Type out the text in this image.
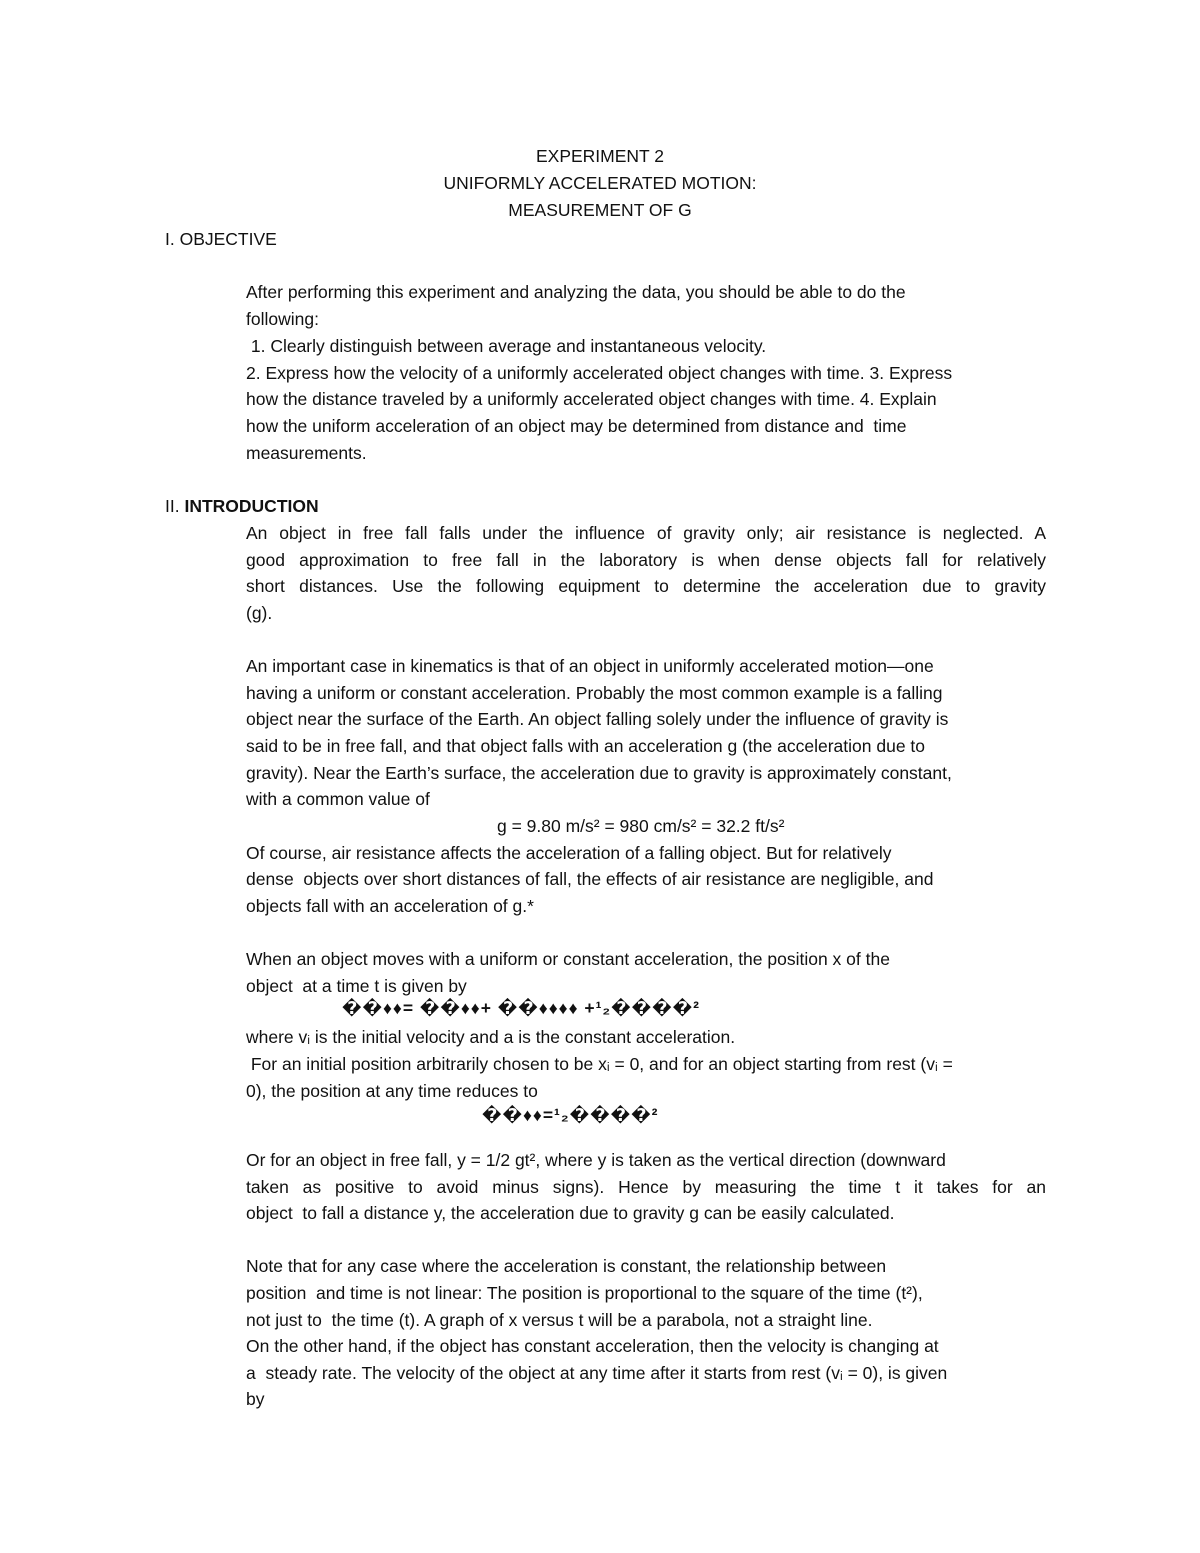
EXPERIMENT 2
UNIFORMLY ACCELERATED MOTION:
MEASUREMENT OF G
I. OBJECTIVE
After performing this experiment and analyzing the data, you should be able to do the
following:
1. Clearly distinguish between average and instantaneous velocity.
2. Express how the velocity of a uniformly accelerated object changes with time. 3. Express
how the distance traveled by a uniformly accelerated object changes with time. 4. Explain
how the uniform acceleration of an object may be determined from distance and  time
measurements.
II. INTRODUCTION
An object in free fall falls under the influence of gravity only; air resistance is neglected. A
good approximation to free fall in the laboratory is when dense objects fall for relatively
short distances. Use the following equipment to determine the acceleration due to gravity
(g).
An important case in kinematics is that of an object in uniformly accelerated motion—one
having a uniform or constant acceleration. Probably the most common example is a falling
object near the surface of the Earth. An object falling solely under the influence of gravity is
said to be in free fall, and that object falls with an acceleration g (the acceleration due to
gravity). Near the Earth’s surface, the acceleration due to gravity is approximately constant,
with a common value of
g = 9.80 m/s² = 980 cm/s² = 32.2 ft/s²
Of course, air resistance affects the acceleration of a falling object. But for relatively
dense  objects over short distances of fall, the effects of air resistance are negligible, and
objects fall with an acceleration of g.*
When an object moves with a uniform or constant acceleration, the position x of the
object  at a time t is given by
��♦♦= ��♦♦+ ��♦♦♦♦ +¹₂����²
where vᵢ is the initial velocity and a is the constant acceleration.
For an initial position arbitrarily chosen to be xᵢ = 0, and for an object starting from rest (vᵢ =
0), the position at any time reduces to
��♦♦=¹₂����²
Or for an object in free fall, y = 1/2 gt², where y is taken as the vertical direction (downward
taken as positive to avoid minus signs). Hence by measuring the time t it takes for an
object  to fall a distance y, the acceleration due to gravity g can be easily calculated.
Note that for any case where the acceleration is constant, the relationship between
position  and time is not linear: The position is proportional to the square of the time (t²),
not just to  the time (t). A graph of x versus t will be a parabola, not a straight line.
On the other hand, if the object has constant acceleration, then the velocity is changing at
a  steady rate. The velocity of the object at any time after it starts from rest (vᵢ = 0), is given
by
